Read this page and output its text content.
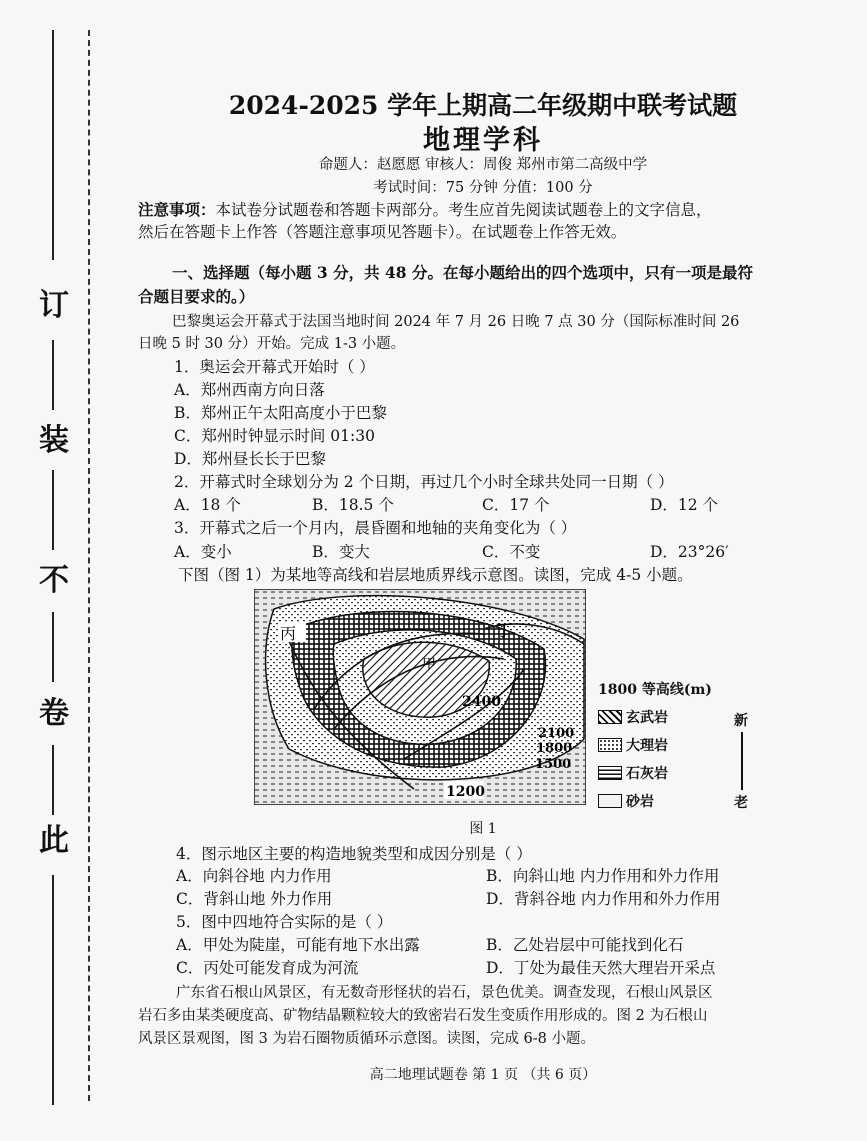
订
装
不
卷
此
2024-2025 学年上期高二年级期中联考试题
地理学科
命题人：赵愿愿 审核人：周俊 郑州市第二高级中学
考试时间：75 分钟 分值：100 分
注意事项：本试卷分试题卷和答题卡两部分。考生应首先阅读试题卷上的文字信息，
然后在答题卡上作答（答题注意事项见答题卡）。在试题卷上作答无效。
一、选择题（每小题 3 分，共 48 分。在每小题给出的四个选项中，只有一项是最符
合题目要求的。）
巴黎奥运会开幕式于法国当地时间 2024 年 7 月 26 日晚 7 点 30 分（国际标准时间 26
日晚 5 时 30 分）开始。完成 1-3 小题。
1．奥运会开幕式开始时（ ）
A．郑州西南方向日落
B．郑州正午太阳高度小于巴黎
C．郑州时钟显示时间 01:30
D．郑州昼长长于巴黎
2．开幕式时全球划分为 2 个日期，再过几个小时全球共处同一日期（ ）
A．18 个	B．18.5 个	C．17 个	D．12 个
3．开幕式之后一个月内，晨昏圈和地轴的夹角变化为（ ）
A．变小	B．变大	C．不变	D．23°26′
下图（图 1）为某地等高线和岩层地质界线示意图。读图，完成 4-5 小题。
丙	丁
甲
2400
2100
1800
1500
1200
1800 等高线(m)
玄武岩
大理岩
石灰岩
砂岩
新
老
图 1
4．图示地区主要的构造地貌类型和成因分别是（ ）
A．向斜谷地 内力作用	B．向斜山地 内力作用和外力作用
C．背斜山地 外力作用	D．背斜谷地 内力作用和外力作用
5．图中四地符合实际的是（ ）
A．甲处为陡崖，可能有地下水出露	B．乙处岩层中可能找到化石
C．丙处可能发育成为河流	D．丁处为最佳天然大理岩开采点
广东省石根山风景区，有无数奇形怪状的岩石，景色优美。调查发现，石根山风景区
岩石多由某类硬度高、矿物结晶颗粒较大的致密岩石发生变质作用形成的。图 2 为石根山
风景区景观图，图 3 为岩石圈物质循环示意图。读图，完成 6-8 小题。
高二地理试题卷 第 1 页 （共 6 页）
